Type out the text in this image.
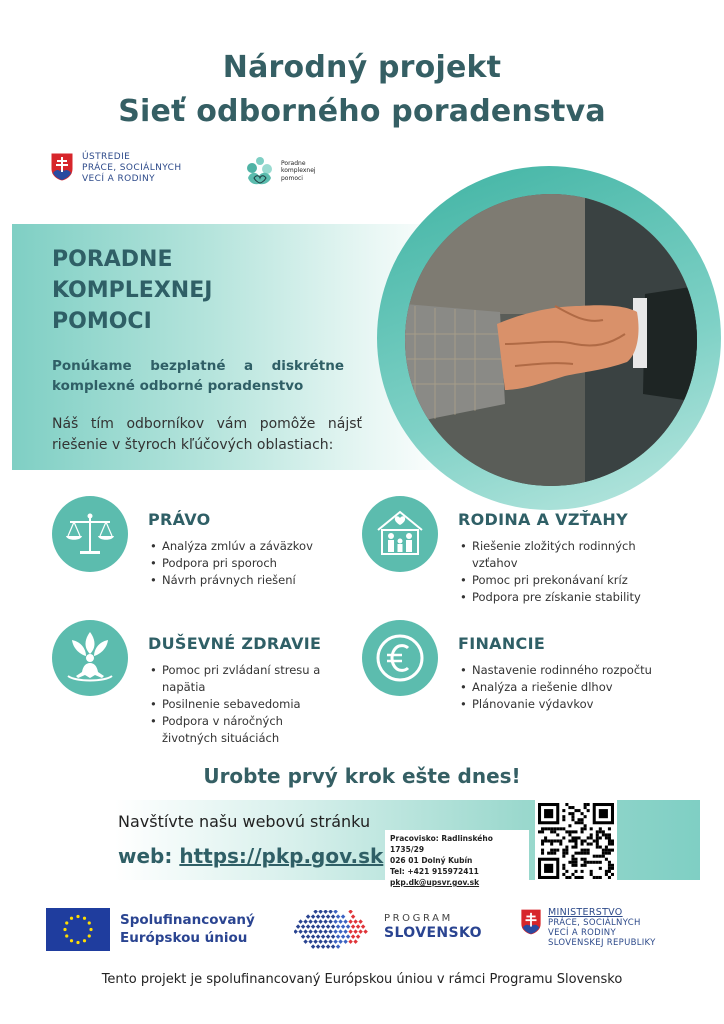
Národný projekt
Sieť odborného poradenstva
ÚSTREDIE
PRÁCE, SOCIÁLNYCH
VECÍ A RODINY
Poradne
komplexnej
pomoci
PORADNE
KOMPLEXNEJ
POMOCI
Ponúkame bezplatné a diskrétne komplexné odborné poradenstvo
Náš tím odborníkov vám pomôže nájsť riešenie v štyroch kľúčových oblastiach:
PRÁVO
• Analýza zmlúv a záväzkov
• Podpora pri sporoch
• Návrh právnych riešení
RODINA A VZŤAHY
• Riešenie zložitých rodinných vzťahov
• Pomoc pri prekonávaní kríz
• Podpora pre získanie stability
DUŠEVNÉ ZDRAVIE
• Pomoc pri zvládaní stresu a napätia
• Posilnenie sebavedomia
• Podpora v náročných životných situáciách
FINANCIE
• Nastavenie rodinného rozpočtu
• Analýza a riešenie dlhov
• Plánovanie výdavkov
Urobte prvý krok ešte dnes!
Navštívte našu webovú stránku
web: https://pkp.gov.sk
Pracovisko: Radlinského 1735/29
026 01 Dolný Kubín
Tel: +421 915972411
pkp.dk@upsvr.gov.sk
Spolufinancovaný
Európskou úniou
PROGRAM
SLOVENSKO
MINISTERSTVO
PRÁCE, SOCIÁLNYCH
VECÍ A RODINY
SLOVENSKEJ REPUBLIKY
Tento projekt je spolufinancovaný Európskou úniou v rámci Programu Slovensko
